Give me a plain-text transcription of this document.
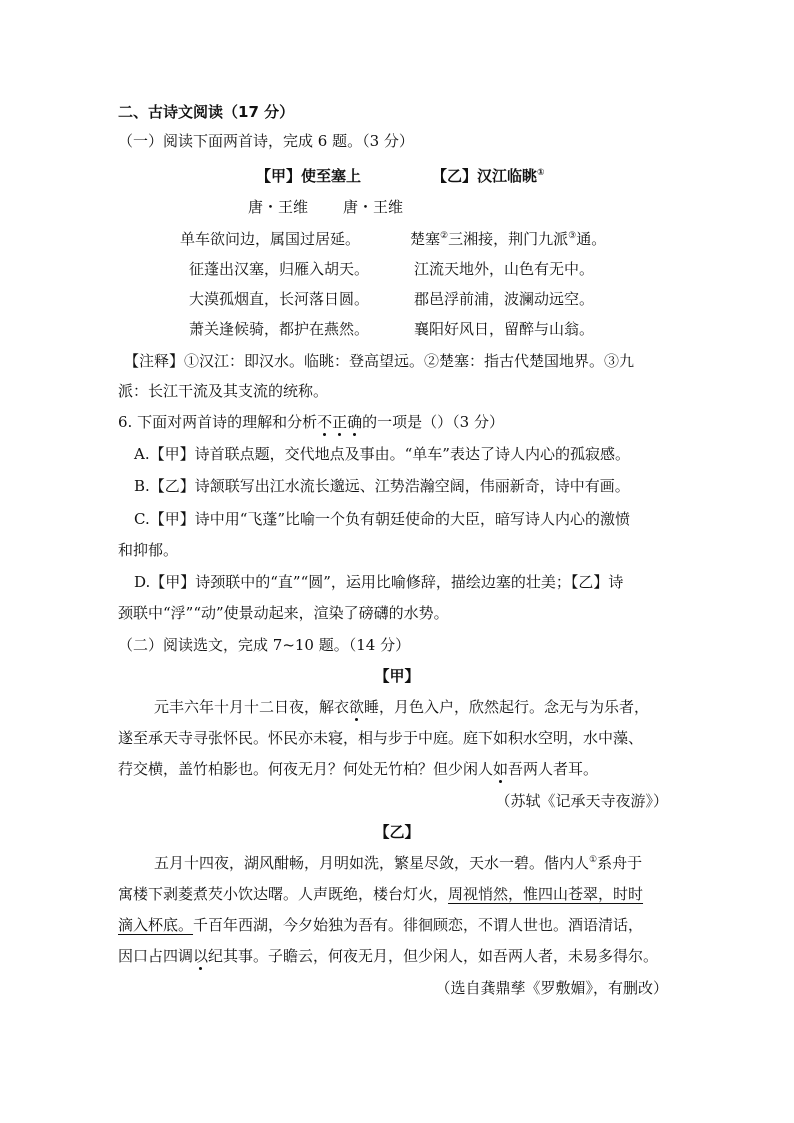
二、古诗文阅读（17 分）
（一）阅读下面两首诗，完成 6 题。（3 分）
【甲】使至塞上	【乙】汉江临眺①
唐・王维 唐・王维
单车欲问边，属国过居延。	楚塞②三湘接，荆门九派③通。
征蓬出汉塞，归雁入胡天。	江流天地外，山色有无中。
大漠孤烟直，长河落日圆。	郡邑浮前浦，波澜动远空。
萧关逢候骑，都护在燕然。	襄阳好风日，留醉与山翁。
【注释】①汉江：即汉水。临眺：登高望远。②楚塞：指古代楚国地界。③九
派：长江干流及其支流的统称。
6. 下面对两首诗的理解和分析不正确的一项是（）（3 分）
A.【甲】诗首联点题，交代地点及事由。“单车”表达了诗人内心的孤寂感。
B.【乙】诗颔联写出江水流长邈远、江势浩瀚空阔，伟丽新奇，诗中有画。
C.【甲】诗中用“飞蓬”比喻一个负有朝廷使命的大臣，暗写诗人内心的激愤
和抑郁。
D.【甲】诗颈联中的“直”“圆”，运用比喻修辞，描绘边塞的壮美；【乙】诗
颈联中“浮”“动”使景动起来，渲染了磅礴的水势。
（二）阅读选文，完成 7~10 题。（14 分）
【甲】
元丰六年十月十二日夜，解衣欲睡，月色入户，欣然起行。念无与为乐者，
遂至承天寺寻张怀民。怀民亦未寝，相与步于中庭。庭下如积水空明，水中藻、
荇交横，盖竹柏影也。何夜无月？何处无竹柏？但少闲人如吾两人者耳。
（苏轼《记承天寺夜游》）
【乙】
五月十四夜，湖风酣畅，月明如洗，繁星尽敛，天水一碧。偕内人①系舟于
寓楼下剥菱煮芡小饮达曙。人声既绝，楼台灯火，周视悄然，惟四山苍翠，时时
滴入杯底。千百年西湖，今夕始独为吾有。徘徊顾恋，不谓人世也。酒语清话，
因口占四调以纪其事。子瞻云，何夜无月，但少闲人，如吾两人者，未易多得尔。
（选自龚鼎孳《罗敷媚》，有删改）
